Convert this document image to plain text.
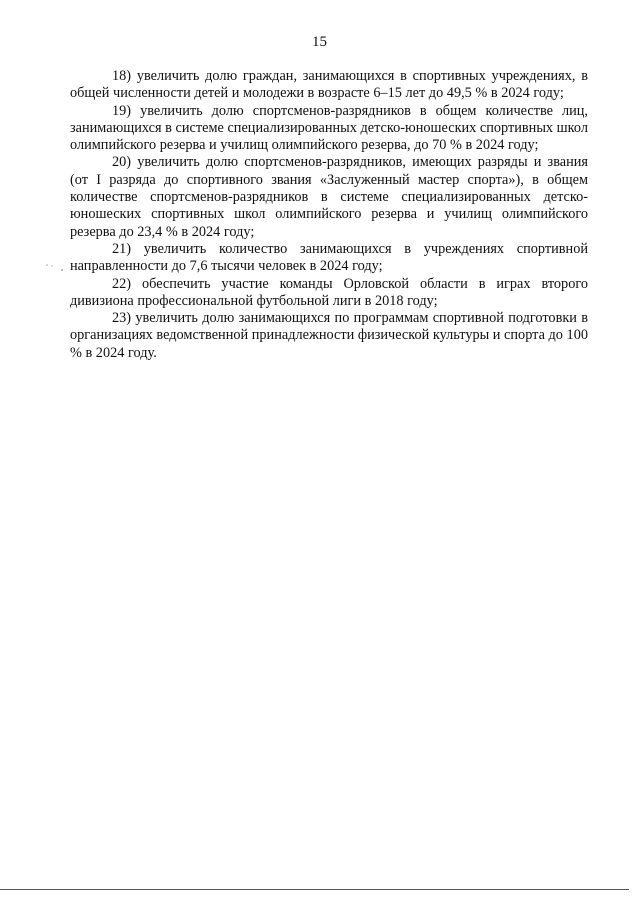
15

18) увеличить долю граждан, занимающихся в спортивных учреждениях, в общей численности детей и молодежи в возрасте 6–15 лет до 49,5 % в 2024 году;

19) увеличить долю спортсменов-разрядников в общем количестве лиц, занимающихся в системе специализированных детско-юношеских спортивных школ олимпийского резерва и училищ олимпийского резерва, до 70 % в 2024 году;

20) увеличить долю спортсменов-разрядников, имеющих разряды и звания (от I разряда до спортивного звания «Заслуженный мастер спорта»), в общем количестве спортсменов-разрядников в системе специализированных детско-юношеских спортивных школ олимпийского резерва и училищ олимпийского резерва до 23,4 % в 2024 году;

21) увеличить количество занимающихся в учреждениях спортивной направленности до 7,6 тысячи человек в 2024 году;

22) обеспечить участие команды Орловской области в играх второго дивизиона профессиональной футбольной лиги в 2018 году;

23) увеличить долю занимающихся по программам спортивной подготовки в организациях ведомственной принадлежности физической культуры и спорта до 100 % в 2024 году.
